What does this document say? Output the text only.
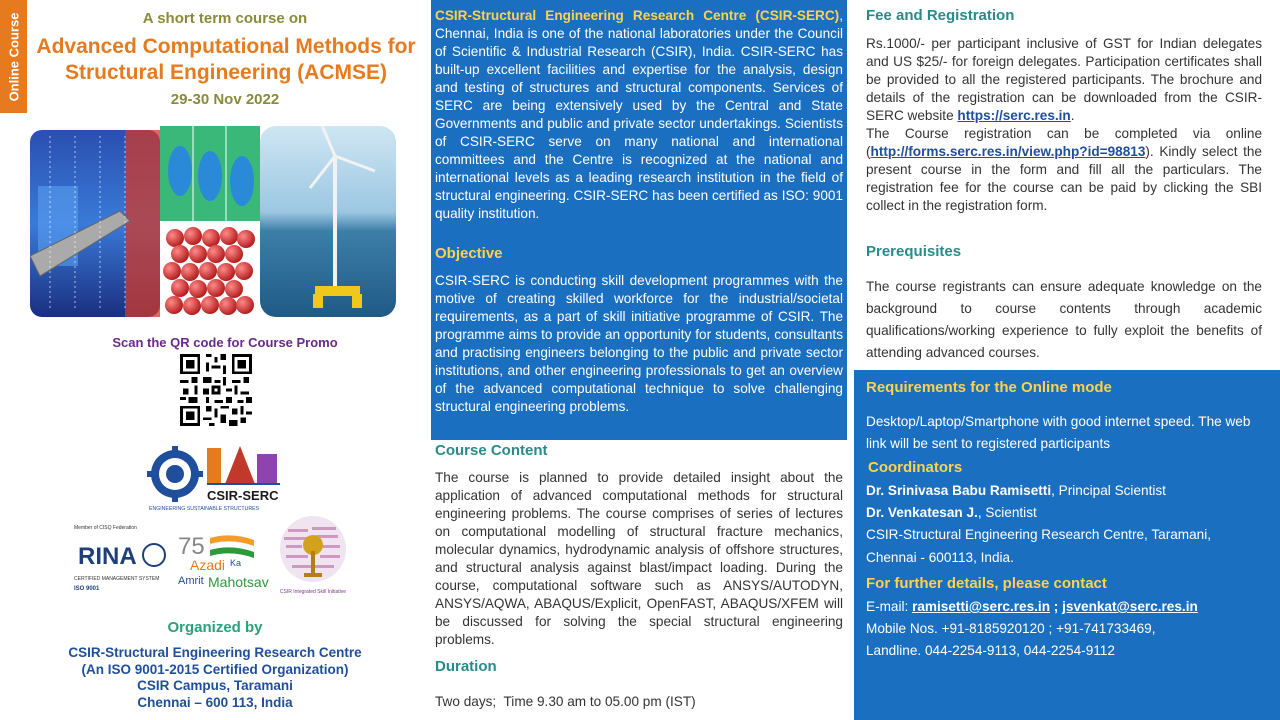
Online Course	A short term course on
Advanced Computational Methods for
Structural Engineering (ACMSE)
29-30 Nov 2022
Scan the QR code for Course Promo
CSIR-SERC
ENGINEERING SUSTAINABLE STRUCTURES
Member of CISQ Federation
RINA
CERTIFIED MANAGEMENT SYSTEM
ISO 9001
75
Azadi Ka
Amrit Mahotsav
CSIR Integrated Skill Initiative
Organized by
CSIR-Structural Engineering Research Centre
(An ISO 9001-2015 Certified Organization)
CSIR Campus, Taramani
Chennai – 600 113, India
CSIR-Structural Engineering Research Centre (CSIR-SERC), Chennai, India is one of the national laboratories under the Council of Scientific & Industrial Research (CSIR), India. CSIR-SERC has built-up excellent facilities and expertise for the analysis, design and testing of structures and structural components. Services of SERC are being extensively used by the Central and State Governments and public and private sector undertakings. Scientists of CSIR-SERC serve on many national and international committees and the Centre is recognized at the national and international levels as a leading research institution in the field of structural engineering. CSIR-SERC has been certified as ISO: 9001 quality institution.
Objective
CSIR-SERC is conducting skill development programmes with the motive of creating skilled workforce for the industrial/societal requirements, as a part of skill initiative programme of CSIR. The programme aims to provide an opportunity for students, consultants and practising engineers belonging to the public and private sector institutions, and other engineering professionals to get an overview of the advanced computational technique to solve challenging structural engineering problems.
Course Content
The course is planned to provide detailed insight about the application of advanced computational methods for structural engineering problems. The course comprises of series of lectures on computational modelling of structural fracture mechanics, molecular dynamics, hydrodynamic analysis of offshore structures, and structural analysis against blast/impact loading. During the course, computational software such as ANSYS/AUTODYN, ANSYS/AQWA, ABAQUS/Explicit, OpenFAST, ABAQUS/XFEM will be discussed for solving the special structural engineering problems.
Duration
Two days;  Time 9.30 am to 05.00 pm (IST)
Fee and Registration
Rs.1000/- per participant inclusive of GST for Indian delegates and US $25/- for foreign delegates. Participation certificates shall be provided to all the registered participants. The brochure and details of the registration can be downloaded from the CSIR-SERC website https://serc.res.in.
The Course registration can be completed via online (http://forms.serc.res.in/view.php?id=98813). Kindly select the present course in the form and fill all the particulars. The registration fee for the course can be paid by clicking the SBI collect in the registration form.
Prerequisites
The course registrants can ensure adequate knowledge on the background to course contents through academic qualifications/working experience to fully exploit the benefits of attending advanced courses.
Requirements for the Online mode
Desktop/Laptop/Smartphone with good internet speed. The web link will be sent to registered participants
Coordinators
Dr. Srinivasa Babu Ramisetti, Principal Scientist
Dr. Venkatesan J., Scientist
CSIR-Structural Engineering Research Centre, Taramani,
Chennai - 600113, India.
For further details, please contact
E-mail: ramisetti@serc.res.in ; jsvenkat@serc.res.in
Mobile Nos. +91-8185920120 ; +91-741733469,
Landline. 044-2254-9113, 044-2254-9112
